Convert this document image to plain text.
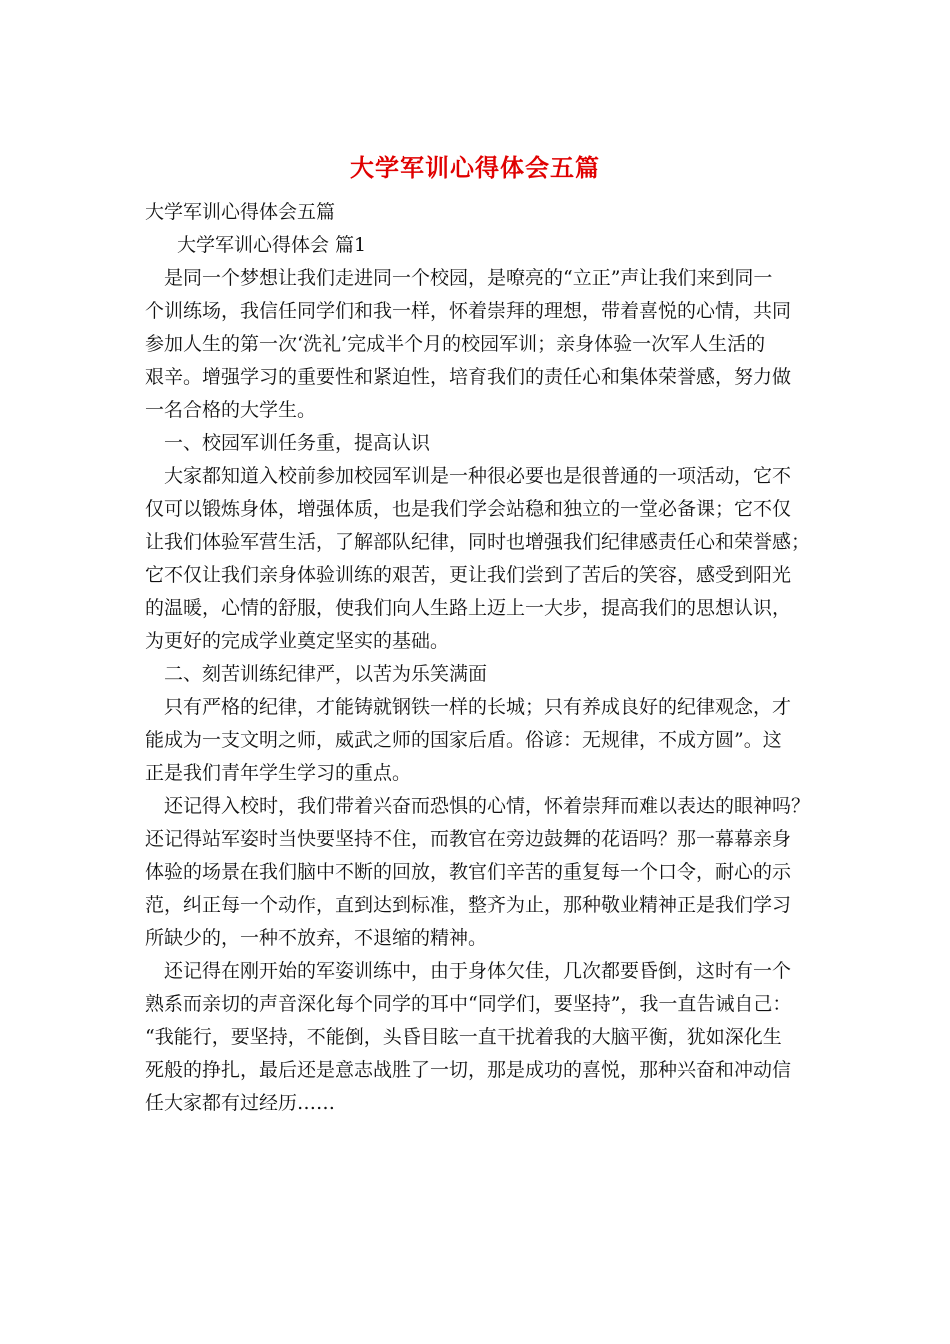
大学军训心得体会五篇
大学军训心得体会五篇
大学军训心得体会 篇1
　是同一个梦想让我们走进同一个校园，是嘹亮的“立正”声让我们来到同一
个训练场，我信任同学们和我一样，怀着崇拜的理想，带着喜悦的心情，共同
参加人生的第一次‘洗礼’完成半个月的校园军训；亲身体验一次军人生活的
艰辛。增强学习的重要性和紧迫性，培育我们的责任心和集体荣誉感，努力做
一名合格的大学生。
　一、校园军训任务重，提高认识
　大家都知道入校前参加校园军训是一种很必要也是很普通的一项活动，它不
仅可以锻炼身体，增强体质，也是我们学会站稳和独立的一堂必备课；它不仅
让我们体验军营生活，了解部队纪律，同时也增强我们纪律感责任心和荣誉感；
它不仅让我们亲身体验训练的艰苦，更让我们尝到了苦后的笑容，感受到阳光
的温暖，心情的舒服，使我们向人生路上迈上一大步，提高我们的思想认识，
为更好的完成学业奠定坚实的基础。
　二、刻苦训练纪律严，以苦为乐笑满面
　只有严格的纪律，才能铸就钢铁一样的长城；只有养成良好的纪律观念，才
能成为一支文明之师，威武之师的国家后盾。俗谚：无规律，不成方圆”。这
正是我们青年学生学习的重点。
　还记得入校时，我们带着兴奋而恐惧的心情，怀着崇拜而难以表达的眼神吗？
还记得站军姿时当快要坚持不住，而教官在旁边鼓舞的花语吗？那一幕幕亲身
体验的场景在我们脑中不断的回放，教官们辛苦的重复每一个口令，耐心的示
范，纠正每一个动作，直到达到标准，整齐为止，那种敬业精神正是我们学习
所缺少的，一种不放弃，不退缩的精神。
　还记得在刚开始的军姿训练中，由于身体欠佳，几次都要昏倒，这时有一个
熟系而亲切的声音深化每个同学的耳中“同学们，要坚持”，我一直告诫自己：
“我能行，要坚持，不能倒，头昏目眩一直干扰着我的大脑平衡，犹如深化生
死般的挣扎，最后还是意志战胜了一切，那是成功的喜悦，那种兴奋和冲动信
任大家都有过经历……
